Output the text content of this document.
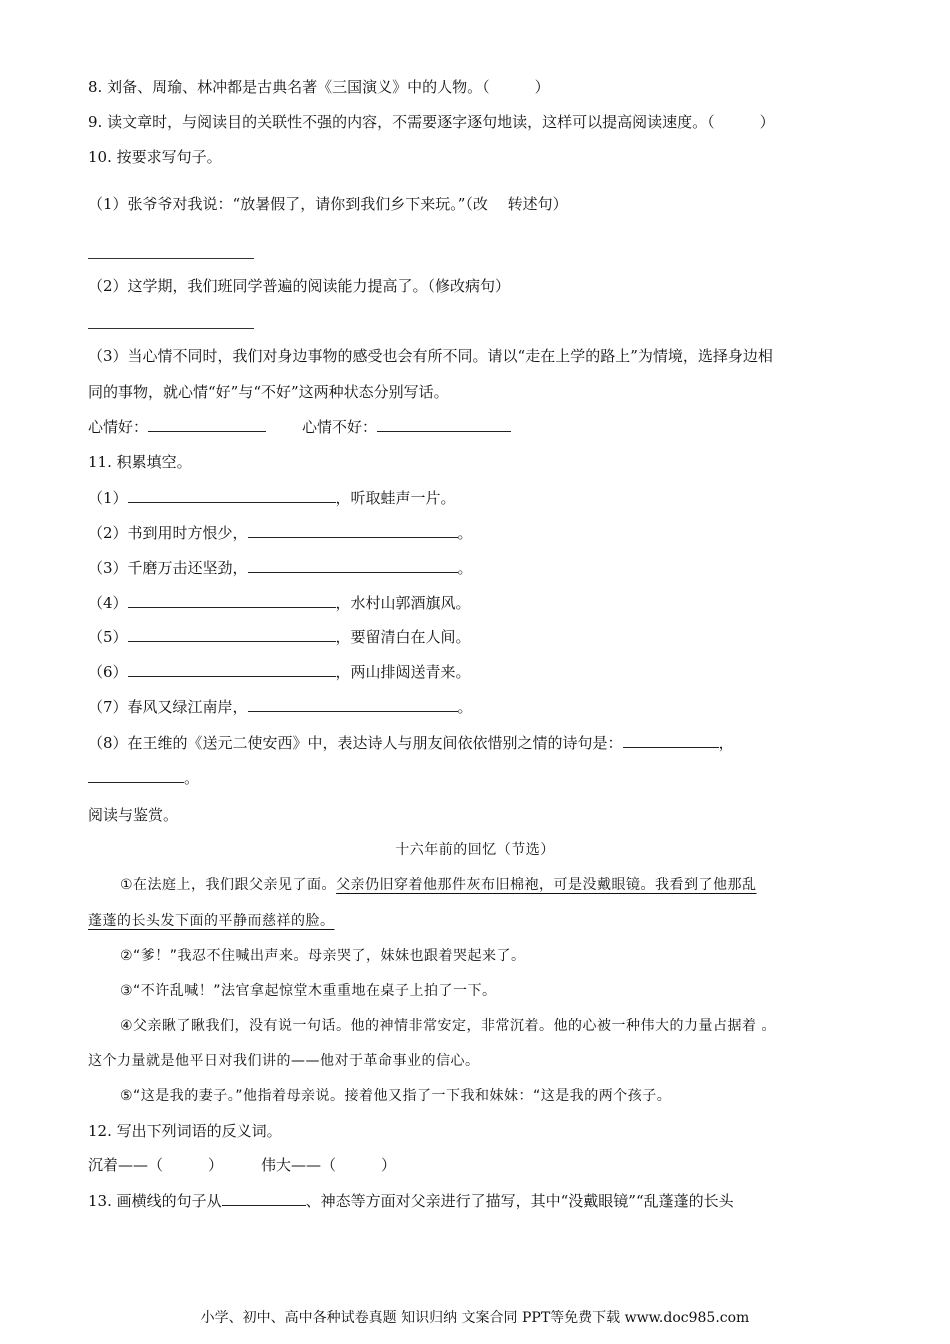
8. 刘备、周瑜、林冲都是古典名著《三国演义》中的人物。（　　　）
9. 读文章时，与阅读目的关联性不强的内容，不需要逐字逐句地读，这样可以提高阅读速度。（　　　）
10. 按要求写句子。
（1）张爷爷对我说：“放暑假了，请你到我们乡下来玩。”（改　 转述句）
（2）这学期，我们班同学普遍的阅读能力提高了。（修改病句）
（3）当心情不同时，我们对身边事物的感受也会有所不同。请以“走在上学的路上”为情境，选择身边相
同的事物，就心情“好”与“不好”这两种状态分别写话。
心情好：	心情不好：
11. 积累填空。
（1）	，听取蛙声一片。
（2）书到用时方恨少，	。
（3）千磨万击还坚劲，	。
（4）	，水村山郭酒旗风。
（5）	，要留清白在人间。
（6）	，两山排闼送青来。
（7）春风又绿江南岸，	。
（8）在王维的《送元二使安西》中，表达诗人与朋友间依依惜别之情的诗句是：	，
。
阅读与鉴赏。
十六年前的回忆（节选）
①在法庭上，我们跟父亲见了面。父亲仍旧穿着他那件灰布旧棉袍，可是没戴眼镜。我看到了他那乱
蓬蓬的长头发下面的平静而慈祥的脸。
②“爹！”我忍不住喊出声来。母亲哭了，妹妹也跟着哭起来了。
③“不许乱喊！”法官拿起惊堂木重重地在桌子上拍了一下。
④父亲瞅了瞅我们，没有说一句话。他的神情非常安定，非常沉着。他的心被一种伟大的力量占据着 。
这个力量就是他平日对我们讲的——他对于革命事业的信心。
⑤“这是我的妻子。”他指着母亲说。接着他又指了一下我和妹妹：“这是我的两个孩子。
12. 写出下列词语的反义词。
沉着——（　　　）	伟大——（　　　）
13. 画横线的句子从	、神态等方面对父亲进行了描写，其中“没戴眼镜”“乱蓬蓬的长头
小学、初中、高中各种试卷真题 知识归纳 文案合同 PPT等免费下载 www.doc985.com
